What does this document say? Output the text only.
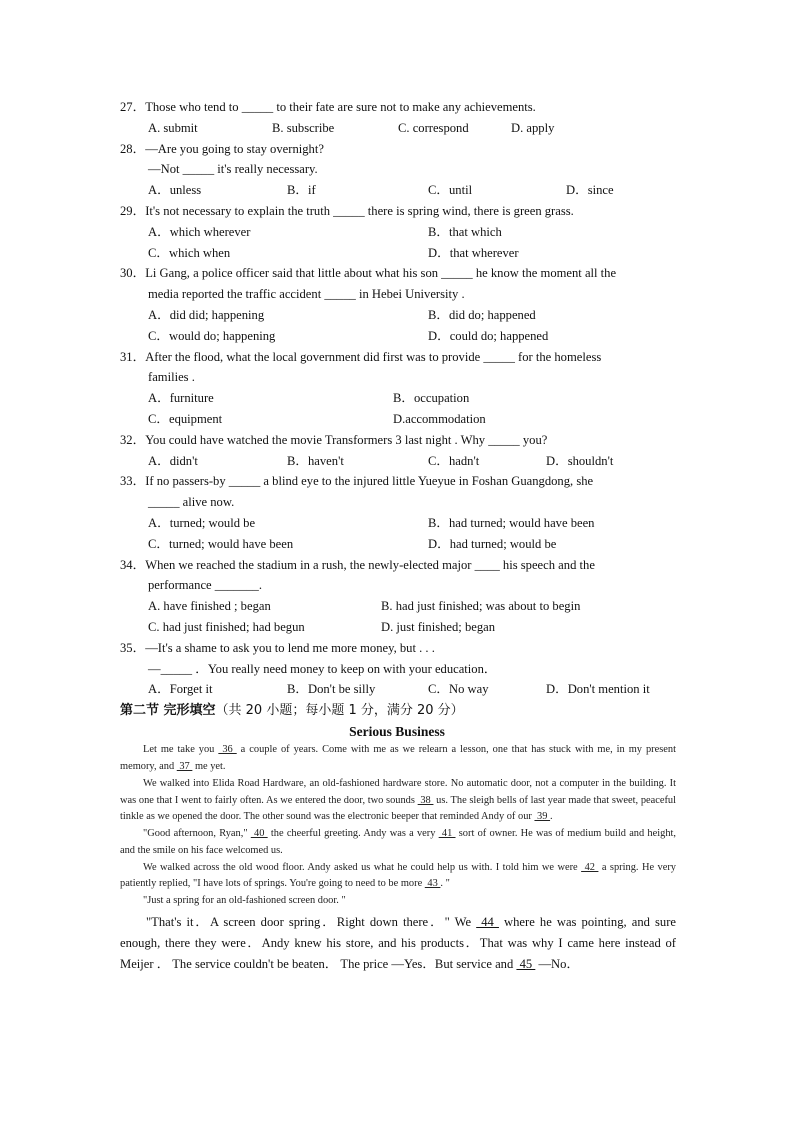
27．Those who tend to _____ to their fate are sure not to make any achievements.
A. submit	B. subscribe	C. correspond	D. apply
28．—Are you going to stay overnight?
—Not _____ it's really necessary.
A．unless	B．if	C．until	D．since
29．It's not necessary to explain the truth _____ there is spring wind, there is green grass.
A．which wherever	B．that which
C．which when	D．that wherever
30．Li Gang, a police officer said that little about what his son _____ he know the moment all the
media reported the traffic accident _____ in Hebei University .
A．did did; happening	B．did do; happened
C．would do; happening	D．could do; happened
31．After the flood, what the local government did first was to provide _____ for the homeless
families .
A．furniture	B．occupation
C．equipment	D.accommodation
32．You could have watched the movie Transformers 3 last night . Why _____ you?
A．didn't	B．haven't	C．hadn't	D．shouldn't
33．If no passers-by _____ a blind eye to the injured little Yueyue in Foshan Guangdong, she
_____ alive now.
A．turned; would be	B．had turned; would have been
C．turned; would have been	D．had turned; would be
34．When we reached the stadium in a rush, the newly-elected major ____ his speech and the
performance _______.
A. have finished ; began	B. had just finished; was about to begin
C. had just finished; had begun	D. just finished; began
35．—It's a shame to ask you to lend me more money, but . . .
—_____ ．You really need money to keep on with your education．
A．Forget it	B．Don't be silly	C．No way	D．Don't mention it
第二节 完形填空（共 20 小题；每小题 1 分，满分 20 分）
Serious Business

Let me take you  36  a couple of years. Come with me as we relearn a lesson, one that has stuck with me, in my present memory, and  37  me yet.

We walked into Elida Road Hardware, an old-fashioned hardware store. No automatic door, not a computer in the building. It was one that I went to fairly often. As we entered the door, two sounds  38  us. The sleigh bells of last year made that sweet, peaceful tinkle as we opened the door. The other sound was the electronic beeper that reminded Andy of our  39 .

"Good afternoon, Ryan,"  40  the cheerful greeting. Andy was a very  41  sort of owner. He was of medium build and height, and the smile on his face welcomed us.

We walked across the old wood floor. Andy asked us what he could help us with. I told him we were  42  a spring. He very patiently replied, "I have lots of springs. You're going to need to be more  43 . "

"Just a spring for an old-fashioned screen door. "

"That's it．A screen door spring．Right down there．" We  44  where he was pointing, and sure enough, there they were．Andy knew his store, and his products．That was why I came here instead of Meijer ． The service couldn't be beaten． The price —Yes．But service and  45  —No．
